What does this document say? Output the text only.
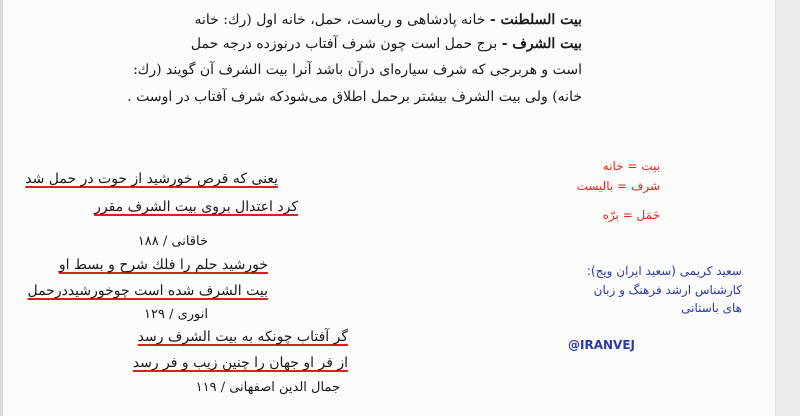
بیت السلطنت - خانه پادشاهی و ریاست، حمل، خانه اول (رك: خانه
بیت الشرف - برج حمل است چون شرف آفتاب درنوزده درجه حمل
است و هربرجی که شرف سیاره‌ای درآن باشد آنرا بیت الشرف آن گویند (رك:
خانه) ولی بیت الشرف بیشتر برحمل اطلاق می‌شودکه شرف آفتاب در اوست .
یعنی که قرص خورشید از حوت در حمل شد
کرد اعتدال بروی بیت الشرف مقرر
خاقانی / ۱۸۸
خورشید حلم را فلك شرح و بسط او
بیت الشرف شده است چوخورشیددرحمل
انوری / ۱۲۹
گر آفتاب چونکه به بیت الشرف رسد
از فر او جهان را چنین زیب و فر رسد
جمال الدین اصفهانی / ۱۱۹
بیت = خانه
شرف = بالیست
حَمَل = برّه
سعید کریمی (سعید ایران ویج):
کارشناس ارشد فرهنگ و زبان
های باستانی
@IRANVEJ
